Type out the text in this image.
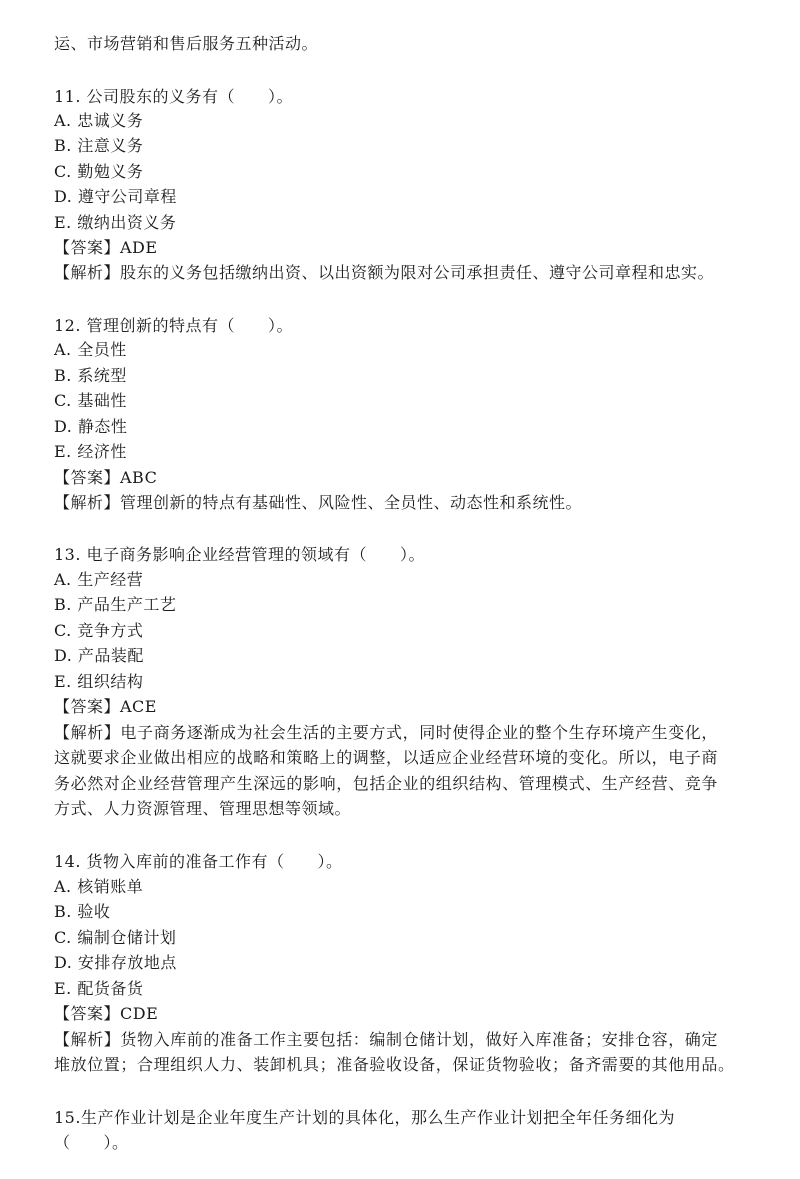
运、市场营销和售后服务五种活动。
11. 公司股东的义务有（　　）。
A. 忠诚义务
B. 注意义务
C. 勤勉义务
D. 遵守公司章程
E. 缴纳出资义务
【答案】ADE
【解析】股东的义务包括缴纳出资、以出资额为限对公司承担责任、遵守公司章程和忠实。
12. 管理创新的特点有（　　）。
A. 全员性
B. 系统型
C. 基础性
D. 静态性
E. 经济性
【答案】ABC
【解析】管理创新的特点有基础性、风险性、全员性、动态性和系统性。
13. 电子商务影响企业经营管理的领域有（　　）。
A. 生产经营
B. 产品生产工艺
C. 竞争方式
D. 产品装配
E. 组织结构
【答案】ACE
【解析】电子商务逐渐成为社会生活的主要方式，同时使得企业的整个生存环境产生变化，
这就要求企业做出相应的战略和策略上的调整，以适应企业经营环境的变化。所以，电子商
务必然对企业经营管理产生深远的影响，包括企业的组织结构、管理模式、生产经营、竞争
方式、人力资源管理、管理思想等领域。
14. 货物入库前的准备工作有（　　）。
A. 核销账单
B. 验收
C. 编制仓储计划
D. 安排存放地点
E. 配货备货
【答案】CDE
【解析】货物入库前的准备工作主要包括：编制仓储计划，做好入库准备；安排仓容，确定
堆放位置；合理组织人力、装卸机具；准备验收设备，保证货物验收；备齐需要的其他用品。
15.生产作业计划是企业年度生产计划的具体化，那么生产作业计划把全年任务细化为
（　　）。
